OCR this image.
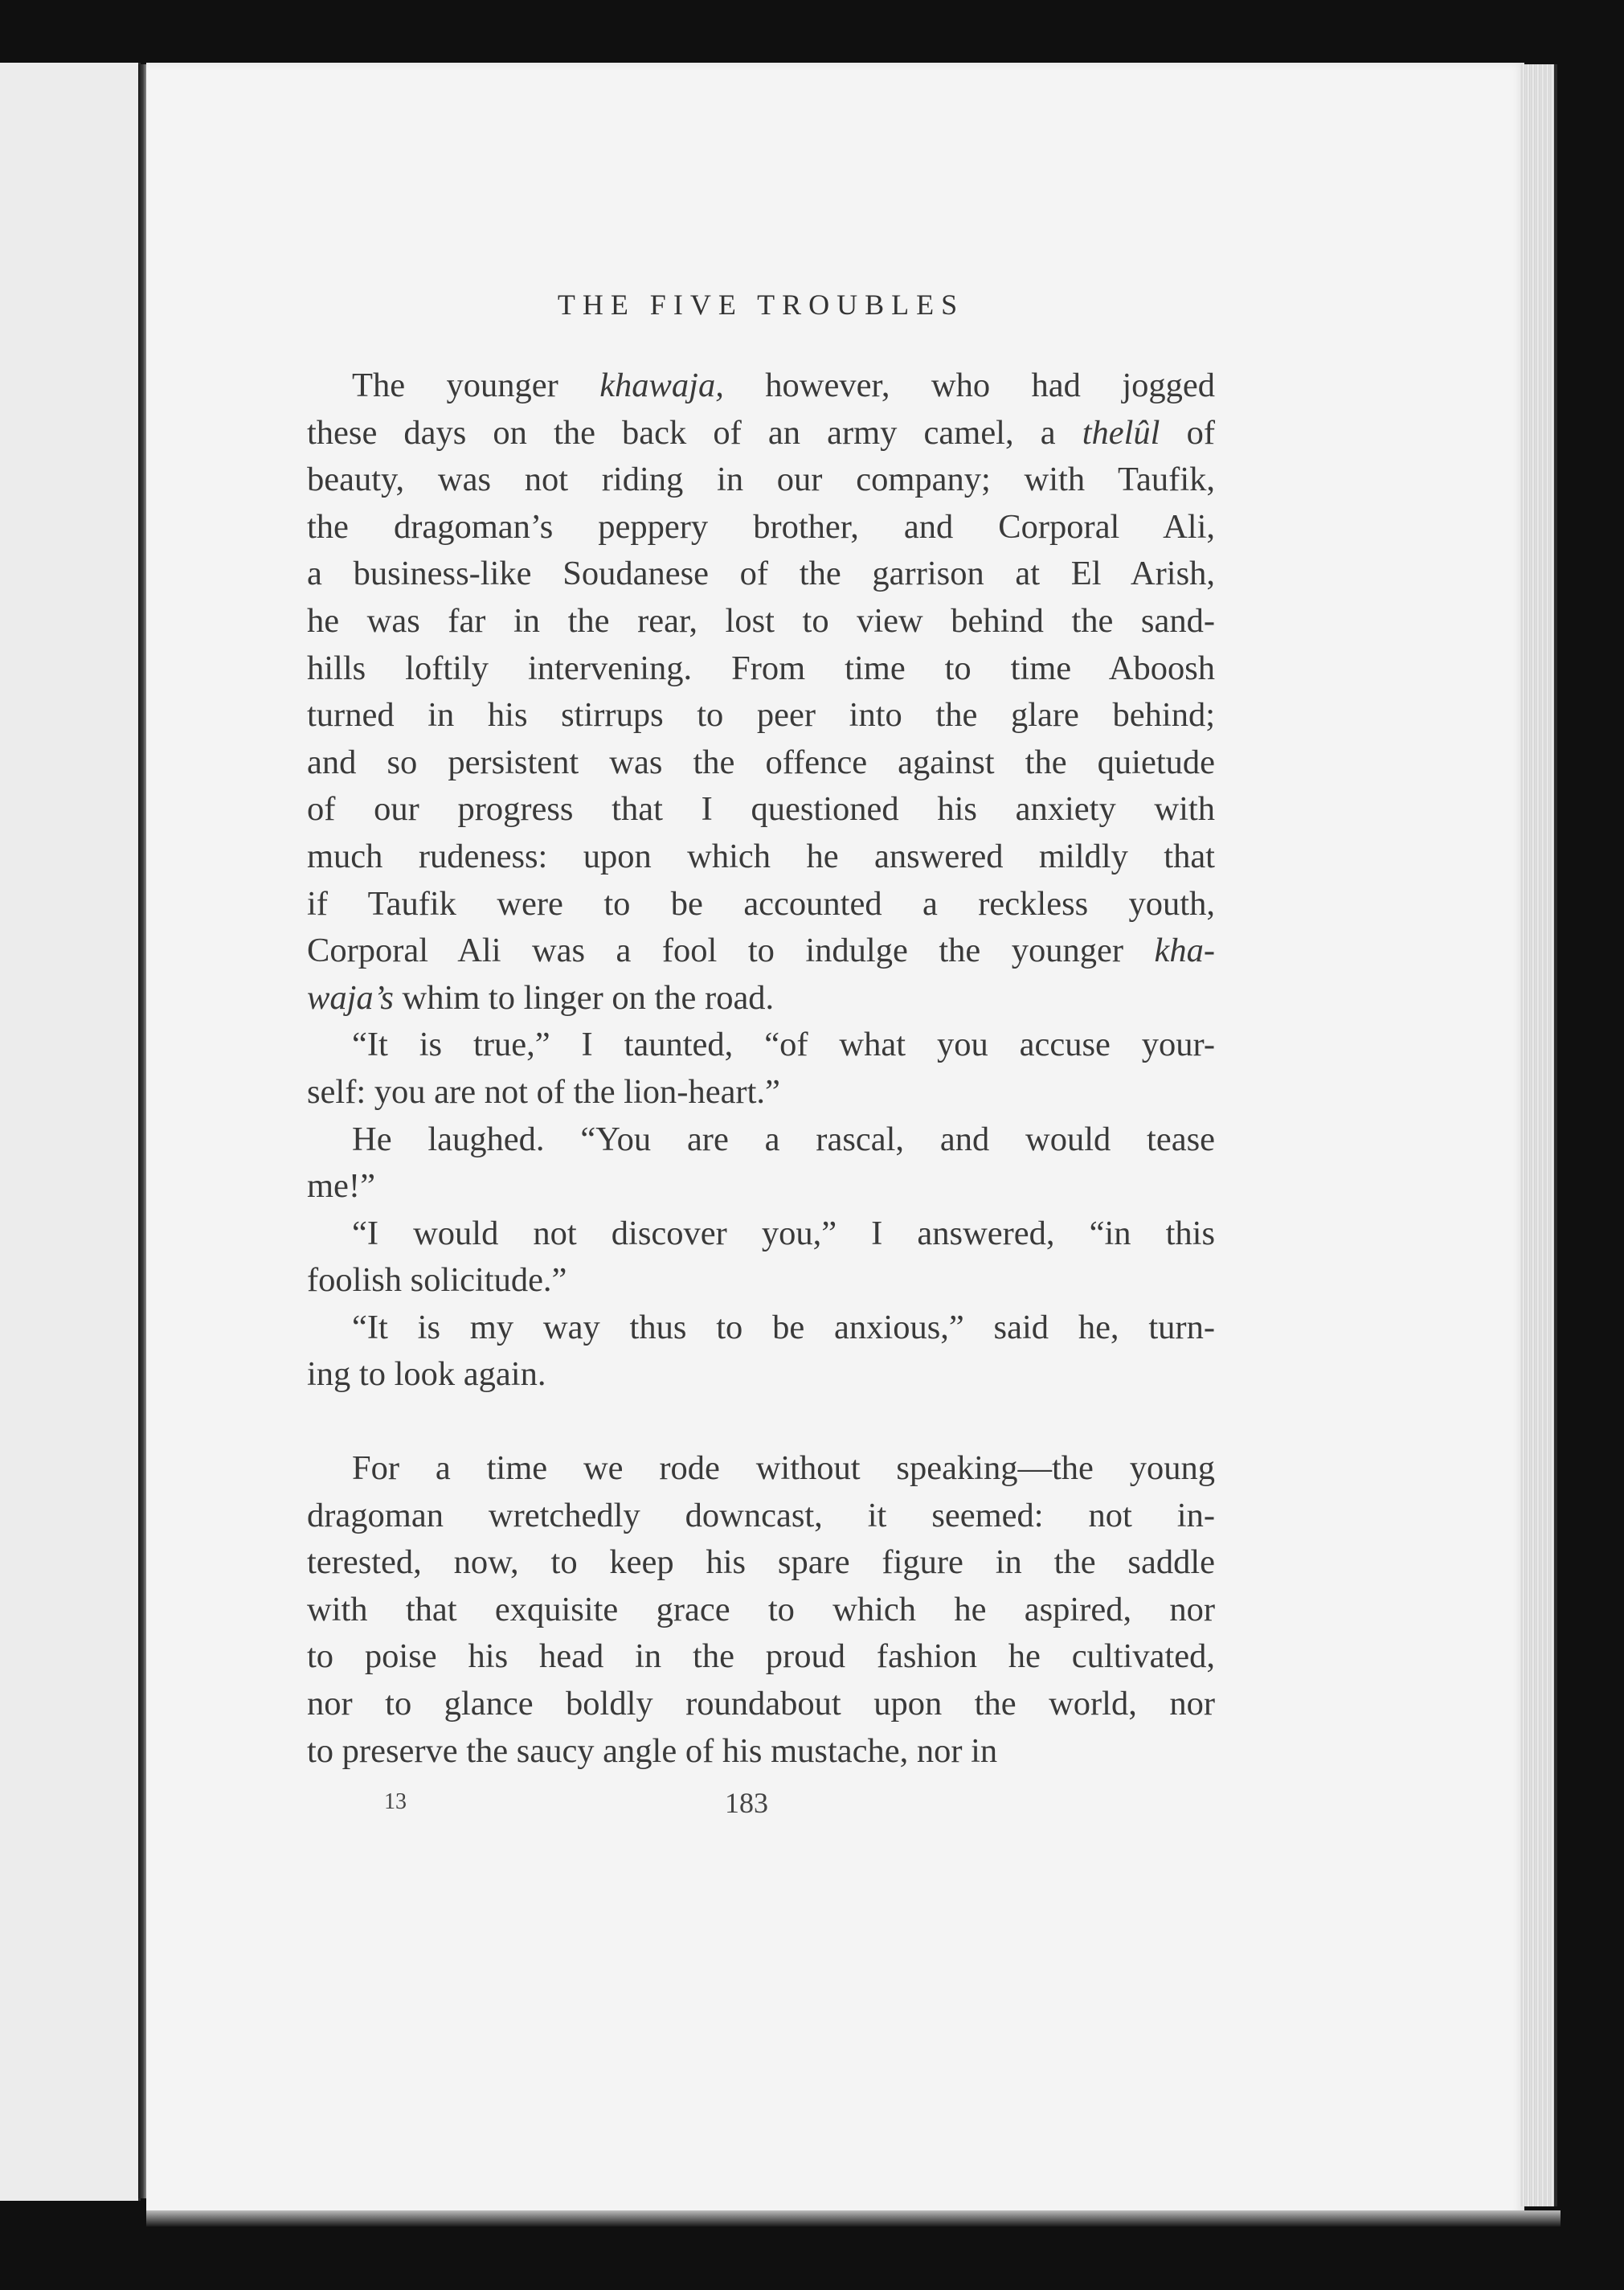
THE FIVE TROUBLES
The younger khawaja, however, who had jogged
these days on the back of an army camel, a thelûl of
beauty, was not riding in our company; with Taufik,
the dragoman’s peppery brother, and Corporal Ali,
a business-like Soudanese of the garrison at El Arish,
he was far in the rear, lost to view behind the sand-
hills loftily intervening. From time to time Aboosh
turned in his stirrups to peer into the glare behind;
and so persistent was the offence against the quietude
of our progress that I questioned his anxiety with
much rudeness: upon which he answered mildly that
if Taufik were to be accounted a reckless youth,
Corporal Ali was a fool to indulge the younger kha-
waja’s whim to linger on the road.
“It is true,” I taunted, “of what you accuse your-
self: you are not of the lion-heart.”
He laughed. “You are a rascal, and would tease
me!”
“I would not discover you,” I answered, “in this
foolish solicitude.”
“It is my way thus to be anxious,” said he, turn-
ing to look again.
For a time we rode without speaking—the young
dragoman wretchedly downcast, it seemed: not in-
terested, now, to keep his spare figure in the saddle
with that exquisite grace to which he aspired, nor
to poise his head in the proud fashion he cultivated,
nor to glance boldly roundabout upon the world, nor
to preserve the saucy angle of his mustache, nor in
13	183
